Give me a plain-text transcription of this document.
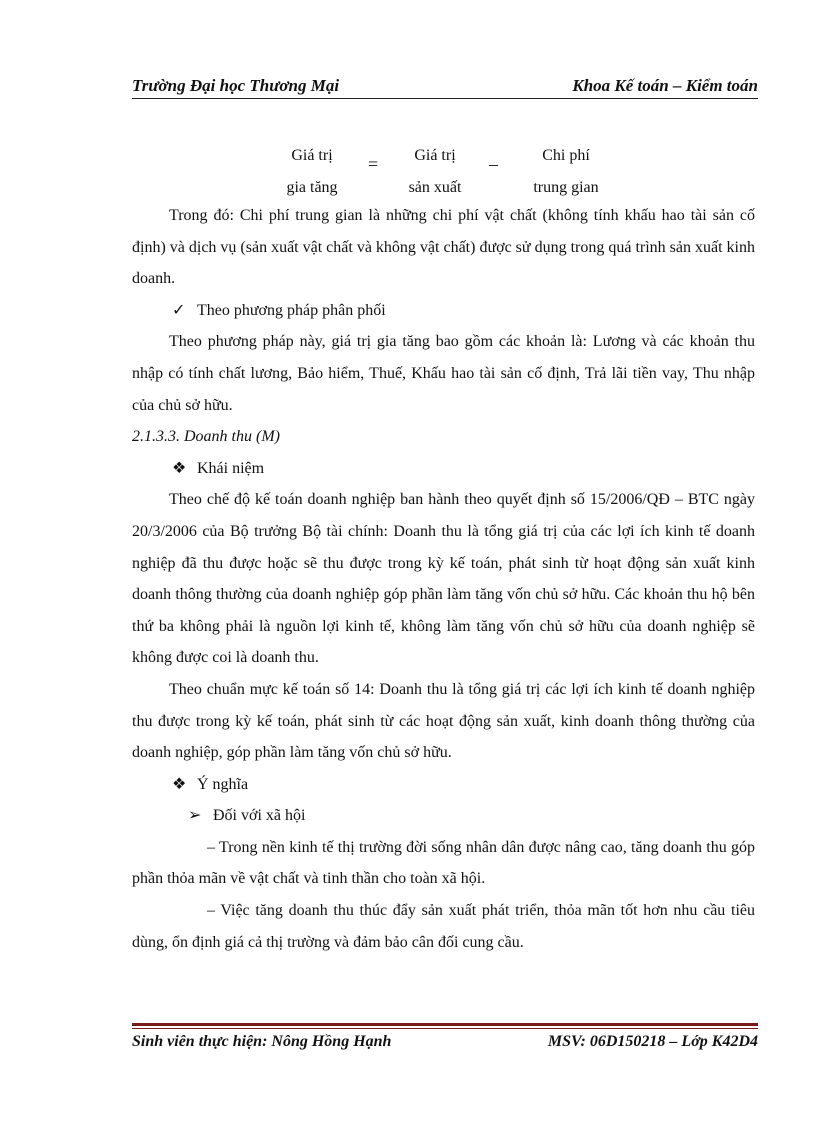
Trường Đại học Thương Mại	Khoa Kế toán – Kiểm toán
Giá trị
gia tăng
=	Giá trị
sản xuất
–	Chi phí
trung gian

Trong đó: Chi phí trung gian là những chi phí vật chất (không tính khấu hao tài sản cố định) và dịch vụ (sản xuất vật chất và không vật chất) được sử dụng trong quá trình sản xuất kinh doanh.

✓ Theo phương pháp phân phối

Theo phương pháp này, giá trị gia tăng bao gồm các khoản là: Lương và các khoản thu nhập có tính chất lương, Bảo hiểm, Thuế, Khấu hao tài sản cố định, Trả lãi tiền vay, Thu nhập của chủ sở hữu.

2.1.3.3. Doanh thu (M)

❖ Khái niệm

Theo chế độ kế toán doanh nghiệp ban hành theo quyết định số 15/2006/QĐ – BTC ngày 20/3/2006 của Bộ trưởng Bộ tài chính: Doanh thu là tổng giá trị của các lợi ích kinh tế doanh nghiệp đã thu được hoặc sẽ thu được trong kỳ kế toán, phát sinh từ hoạt động sản xuất kinh doanh thông thường của doanh nghiệp góp phần làm tăng vốn chủ sở hữu. Các khoản thu hộ bên thứ ba không phải là nguồn lợi kinh tế, không làm tăng vốn chủ sở hữu của doanh nghiệp sẽ không được coi là doanh thu.

Theo chuẩn mực kế toán số 14: Doanh thu là tổng giá trị các lợi ích kinh tế doanh nghiệp thu được trong kỳ kế toán, phát sinh từ các hoạt động sản xuất, kinh doanh thông thường của doanh nghiệp, góp phần làm tăng vốn chủ sở hữu.

❖ Ý nghĩa

➢ Đối với xã hội

– Trong nền kinh tế thị trường đời sống nhân dân được nâng cao, tăng doanh thu góp phần thỏa mãn về vật chất và tinh thần cho toàn xã hội.

– Việc tăng doanh thu thúc đẩy sản xuất phát triển, thỏa mãn tốt hơn nhu cầu tiêu dùng, ổn định giá cả thị trường và đảm bảo cân đối cung cầu.

Sinh viên thực hiện: Nông Hồng Hạnh	MSV: 06D150218 – Lớp K42D4
